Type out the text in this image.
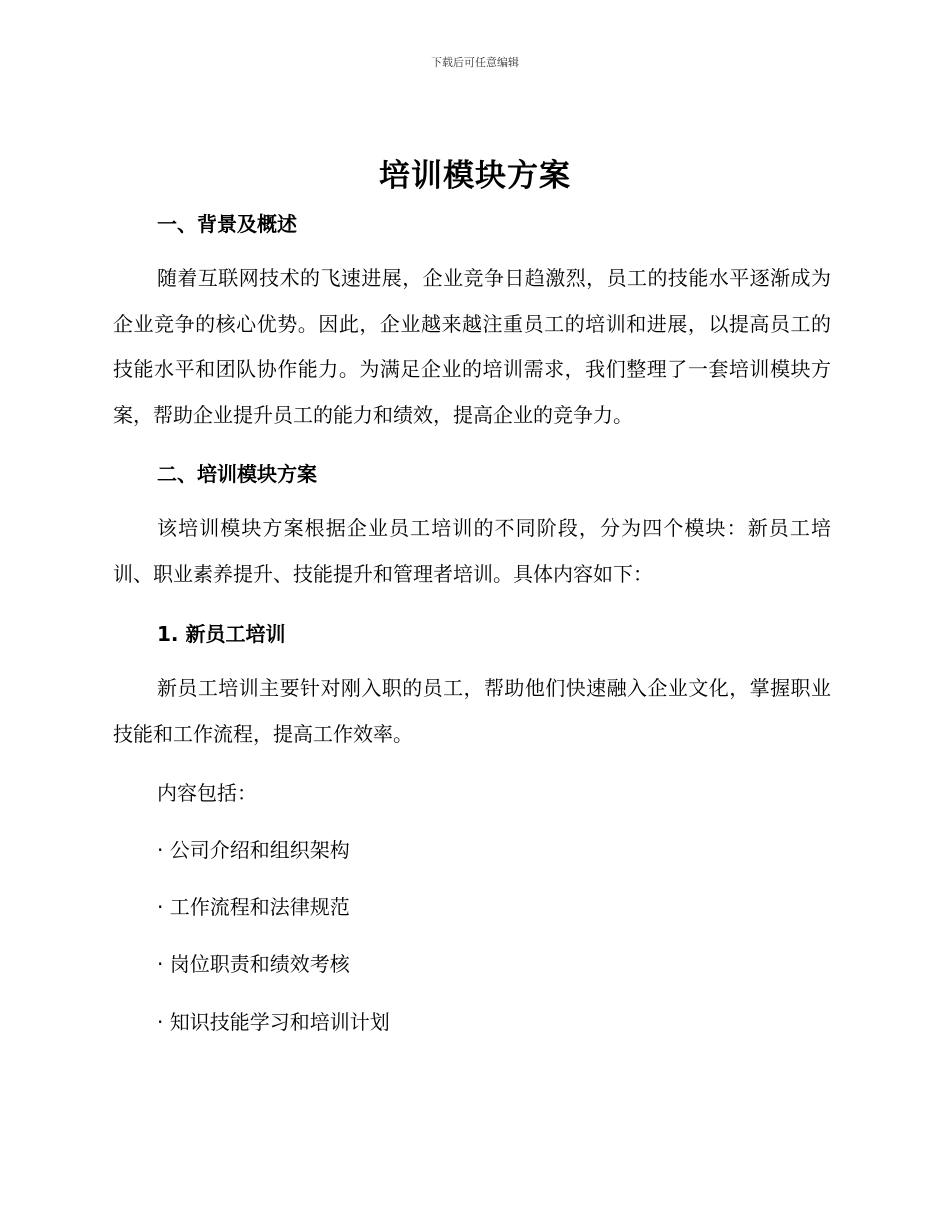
下载后可任意编辑
培训模块方案
一、背景及概述
随着互联网技术的飞速进展，企业竞争日趋激烈，员工的技能水平逐渐成为企业竞争的核心优势。因此，企业越来越注重员工的培训和进展，以提高员工的技能水平和团队协作能力。为满足企业的培训需求，我们整理了一套培训模块方案，帮助企业提升员工的能力和绩效，提高企业的竞争力。
二、培训模块方案
该培训模块方案根据企业员工培训的不同阶段，分为四个模块：新员工培训、职业素养提升、技能提升和管理者培训。具体内容如下：
1. 新员工培训
新员工培训主要针对刚入职的员工，帮助他们快速融入企业文化，掌握职业技能和工作流程，提高工作效率。
内容包括：
· 公司介绍和组织架构
· 工作流程和法律规范
· 岗位职责和绩效考核
· 知识技能学习和培训计划
